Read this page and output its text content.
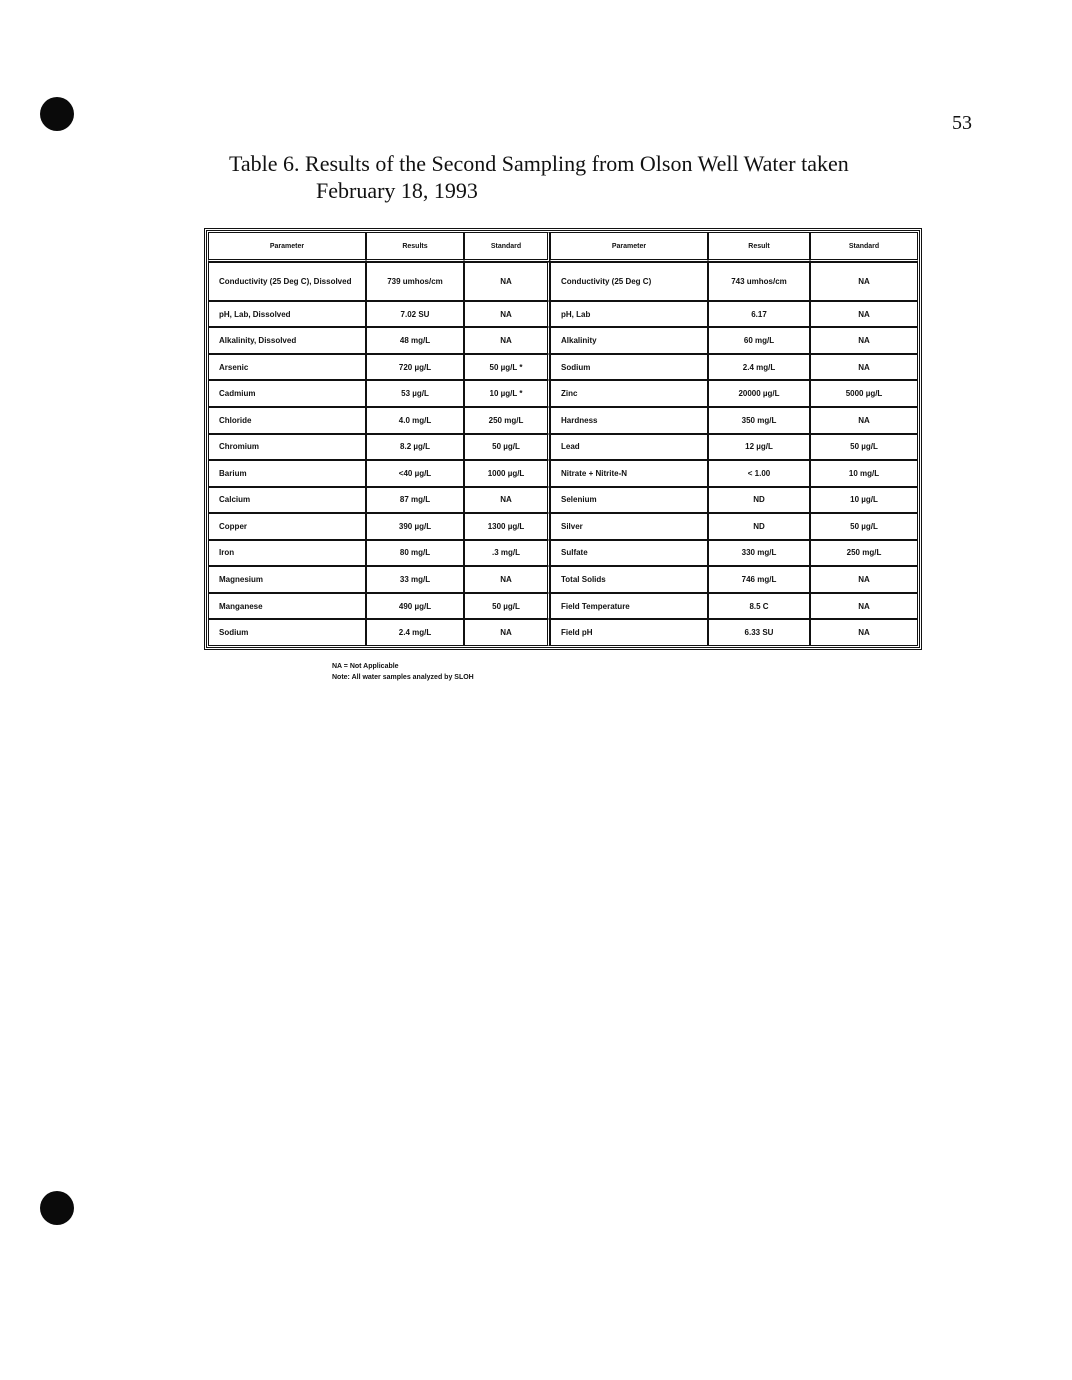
53
Table 6. Results of the Second Sampling from Olson Well Water taken
February 18, 1993
Parameter	Results	Standard	Parameter	Result	Standard
Conductivity (25 Deg C), Dissolved	739 umhos/cm	NA	Conductivity (25 Deg C)	743 umhos/cm	NA
pH, Lab, Dissolved	7.02 SU	NA	pH, Lab	6.17	NA
Alkalinity, Dissolved	48 mg/L	NA	Alkalinity	60 mg/L	NA
Arsenic	720 µg/L	50 µg/L *	Sodium	2.4 mg/L	NA
Cadmium	53 µg/L	10 µg/L *	Zinc	20000 µg/L	5000 µg/L
Chloride	4.0 mg/L	250 mg/L	Hardness	350 mg/L	NA
Chromium	8.2 µg/L	50 µg/L	Lead	12 µg/L	50 µg/L
Barium	<40 µg/L	1000 µg/L	Nitrate + Nitrite-N	< 1.00	10 mg/L
Calcium	87 mg/L	NA	Selenium	ND	10 µg/L
Copper	390 µg/L	1300 µg/L	Silver	ND	50 µg/L
Iron	80 mg/L	.3 mg/L	Sulfate	330 mg/L	250 mg/L
Magnesium	33 mg/L	NA	Total Solids	746 mg/L	NA
Manganese	490 µg/L	50 µg/L	Field Temperature	8.5 C	NA
Sodium	2.4 mg/L	NA	Field pH	6.33 SU	NA
NA = Not Applicable
Note: All water samples analyzed by SLOH
